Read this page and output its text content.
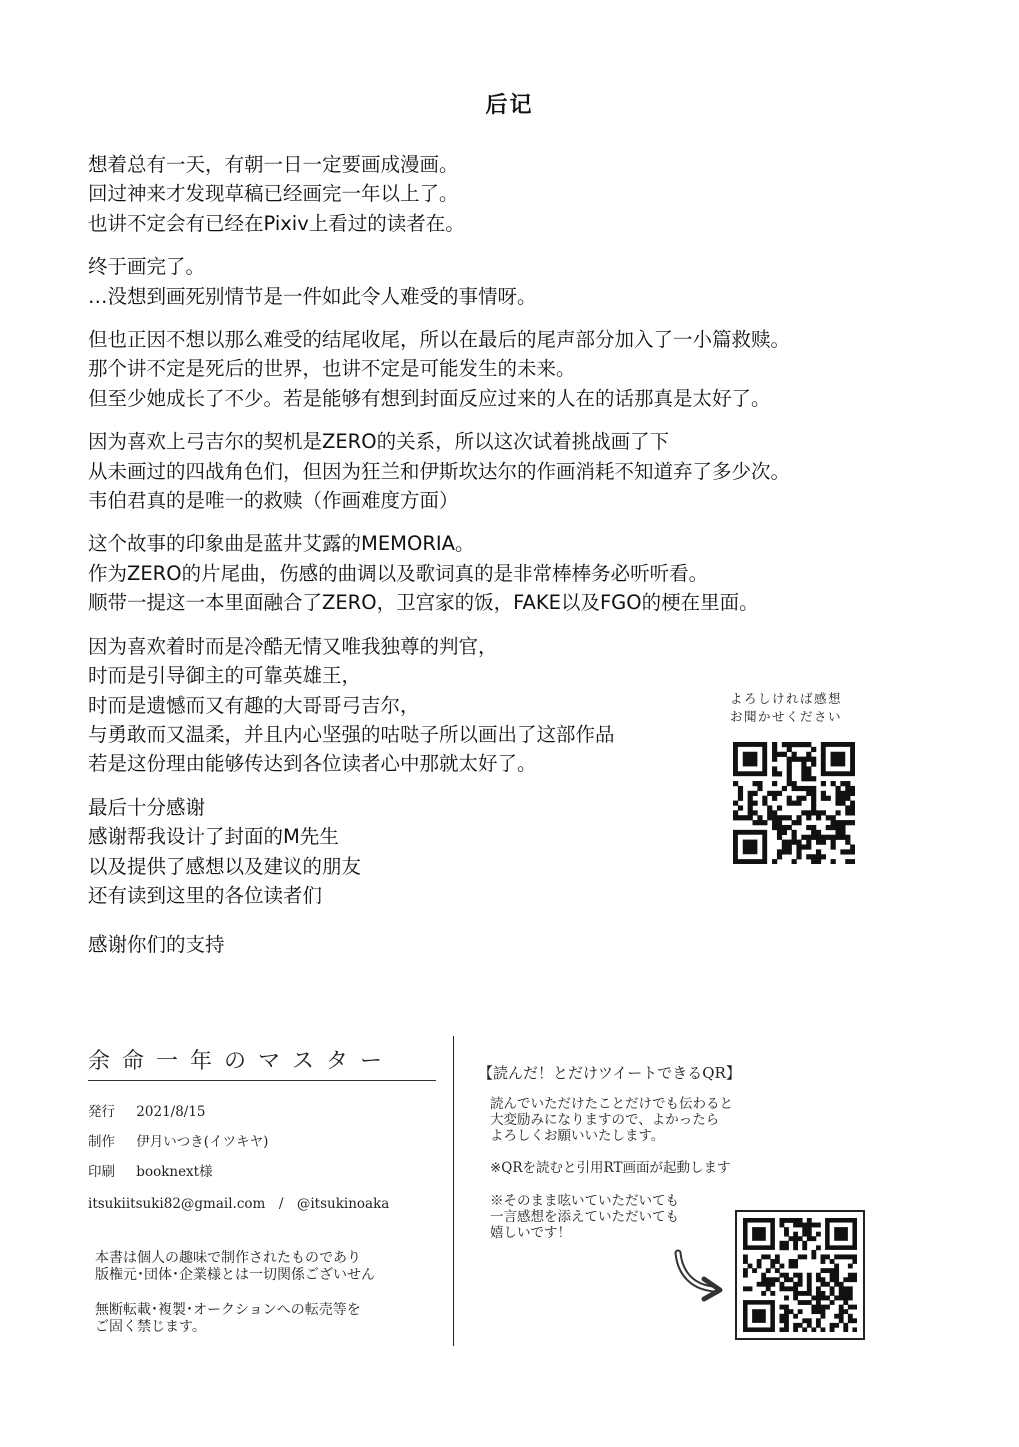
后记
想着总有一天，有朝一日一定要画成漫画。
回过神来才发现草稿已经画完一年以上了。
也讲不定会有已经在Pixiv上看过的读者在。
终于画完了。
…没想到画死别情节是一件如此令人难受的事情呀。
但也正因不想以那么难受的结尾收尾，所以在最后的尾声部分加入了一小篇救赎。
那个讲不定是死后的世界，也讲不定是可能发生的未来。
但至少她成长了不少。若是能够有想到封面反应过来的人在的话那真是太好了。
因为喜欢上弓吉尔的契机是ZERO的关系，所以这次试着挑战画了下
从未画过的四战角色们，但因为狂兰和伊斯坎达尔的作画消耗不知道弃了多少次。
韦伯君真的是唯一的救赎（作画难度方面）
这个故事的印象曲是蓝井艾露的MEMORIA。
作为ZERO的片尾曲，伤感的曲调以及歌词真的是非常棒棒务必听听看。
顺带一提这一本里面融合了ZERO，卫宫家的饭，FAKE以及FGO的梗在里面。
因为喜欢着时而是冷酷无情又唯我独尊的判官，
时而是引导御主的可靠英雄王，
时而是遗憾而又有趣的大哥哥弓吉尔，
与勇敢而又温柔，并且内心坚强的咕哒子所以画出了这部作品
若是这份理由能够传达到各位读者心中那就太好了。
最后十分感谢
感谢帮我设计了封面的M先生
以及提供了感想以及建议的朋友
还有读到这里的各位读者们
感谢你们的支持
よろしければ感想
お聞かせください
余命一年のマスター
発行 2021/8/15
制作 伊月いつき(イツキヤ)
印刷 booknext様
itsukiitsuki82@gmail.com　/　@itsukinoaka
本書は個人の趣味で制作されたものであり
版権元･団体･企業様とは一切関係ございせん
無断転載･複製･オークションへの転売等を
ご固く禁じます。
【読んだ！とだけツイートできるQR】
読んでいただけたことだけでも伝わると
大変励みになりますので、よかったら
よろしくお願いいたします。
※QRを読むと引用RT画面が起動します
※そのまま呟いていただいても
一言感想を添えていただいても
嬉しいです！
